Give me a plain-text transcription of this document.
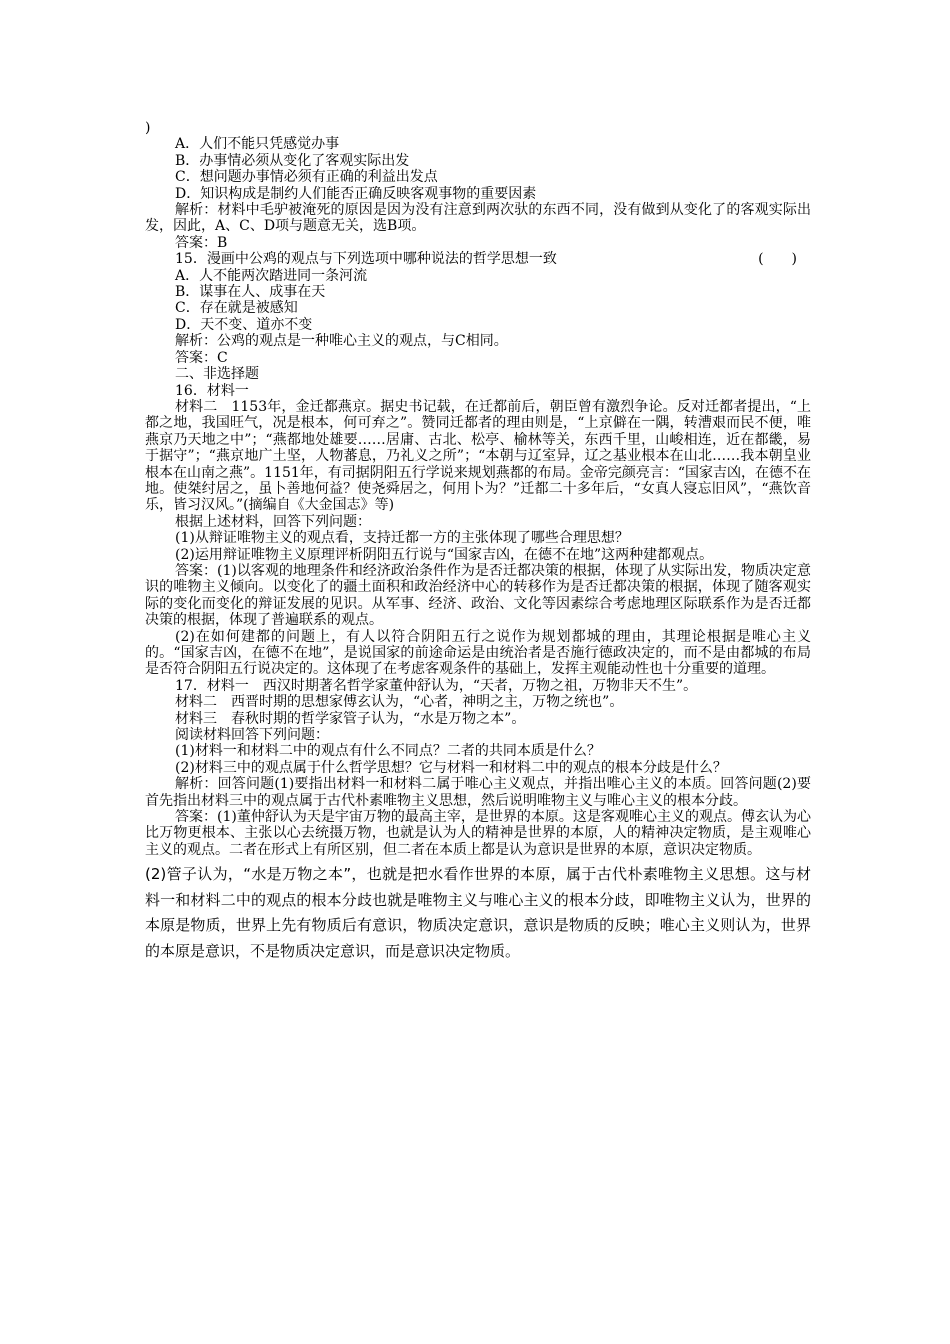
)
A．人们不能只凭感觉办事
B．办事情必须从变化了客观实际出发
C．想问题办事情必须有正确的利益出发点
D．知识构成是制约人们能否正确反映客观事物的重要因素
解析：材料中毛驴被淹死的原因是因为没有注意到两次驮的东西不同，没有做到从变化了的客观实际出发，因此，A、C、D项与题意无关，选B项。
答案：B
15．漫画中公鸡的观点与下列选项中哪种说法的哲学思想一致	(　　)
A．人不能两次踏进同一条河流
B．谋事在人、成事在天
C．存在就是被感知
D．天不变、道亦不变
解析：公鸡的观点是一种唯心主义的观点，与C相同。
答案：C
二、非选择题
16．材料一
材料二　1153年，金迁都燕京。据史书记载，在迁都前后，朝臣曾有激烈争论。反对迁都者提出，“上都之地，我国旺气，况是根本，何可弃之”。赞同迁都者的理由则是，“上京僻在一隅，转漕艰而民不便，唯燕京乃天地之中”；“燕都地处雄要……居庸、古北、松亭、榆林等关，东西千里，山峻相连，近在都畿，易于据守”；“燕京地广土坚，人物蕃息，乃礼义之所”；“本朝与辽室异，辽之基业根本在山北……我本朝皇业根本在山南之燕”。1151年，有司据阴阳五行学说来规划燕都的布局。金帝完颜亮言：“国家吉凶，在德不在地。使桀纣居之，虽卜善地何益？使尧舜居之，何用卜为？”迁都二十多年后，“女真人寖忘旧风”，“燕饮音乐，皆习汉风。”(摘编自《大金国志》等)
根据上述材料，回答下列问题：
(1)从辩证唯物主义的观点看，支持迁都一方的主张体现了哪些合理思想？
(2)运用辩证唯物主义原理评析阴阳五行说与“国家吉凶，在德不在地”这两种建都观点。
答案：(1)以客观的地理条件和经济政治条件作为是否迁都决策的根据，体现了从实际出发，物质决定意识的唯物主义倾向。以变化了的疆土面积和政治经济中心的转移作为是否迁都决策的根据，体现了随客观实际的变化而变化的辩证发展的见识。从军事、经济、政治、文化等因素综合考虑地理区际联系作为是否迁都决策的根据，体现了普遍联系的观点。
(2)在如何建都的问题上，有人以符合阴阳五行之说作为规划都城的理由，其理论根据是唯心主义的。“国家吉凶，在德不在地”，是说国家的前途命运是由统治者是否施行德政决定的，而不是由都城的布局是否符合阴阳五行说决定的。这体现了在考虑客观条件的基础上，发挥主观能动性也十分重要的道理。
17．材料一　西汉时期著名哲学家董仲舒认为，“天者，万物之祖，万物非天不生”。
材料二　西晋时期的思想家傅玄认为，“心者，神明之主，万物之统也”。
材料三　春秋时期的哲学家管子认为，“水是万物之本”。
阅读材料回答下列问题：
(1)材料一和材料二中的观点有什么不同点？二者的共同本质是什么？
(2)材料三中的观点属于什么哲学思想？它与材料一和材料二中的观点的根本分歧是什么？
解析：回答问题(1)要指出材料一和材料二属于唯心主义观点，并指出唯心主义的本质。回答问题(2)要首先指出材料三中的观点属于古代朴素唯物主义思想，然后说明唯物主义与唯心主义的根本分歧。
答案：(1)董仲舒认为天是宇宙万物的最高主宰，是世界的本原。这是客观唯心主义的观点。傅玄认为心比万物更根本、主张以心去统摄万物，也就是认为人的精神是世界的本原，人的精神决定物质，是主观唯心主义的观点。二者在形式上有所区别，但二者在本质上都是认为意识是世界的本原，意识决定物质。
(2)管子认为，“水是万物之本”，也就是把水看作世界的本原，属于古代朴素唯物主义思想。这与材料一和材料二中的观点的根本分歧也就是唯物主义与唯心主义的根本分歧，即唯物主义认为，世界的本原是物质，世界上先有物质后有意识，物质决定意识，意识是物质的反映；唯心主义则认为，世界的本原是意识，不是物质决定意识，而是意识决定物质。
